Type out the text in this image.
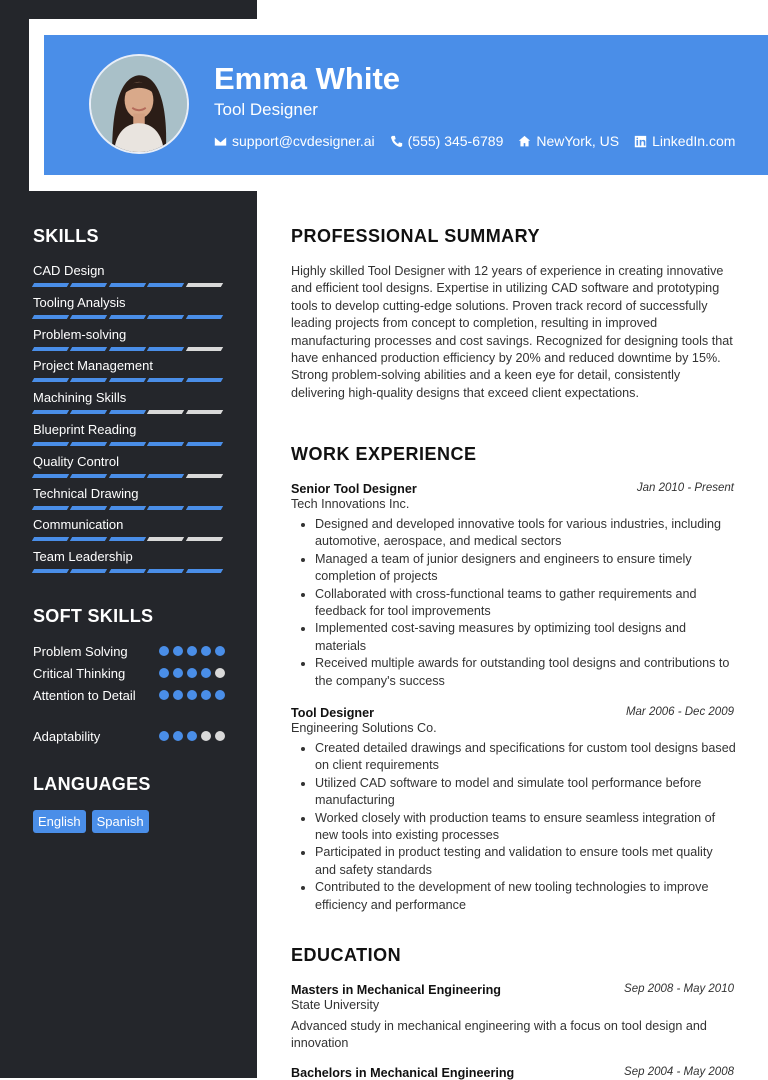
Emma White
Tool Designer
support@cvdesigner.ai (555) 345-6789 NewYork, US LinkedIn.com
SKILLS
CAD Design
Tooling Analysis
Problem-solving
Project Management
Machining Skills
Blueprint Reading
Quality Control
Technical Drawing
Communication
Team Leadership
SOFT SKILLS
Problem Solving
Critical Thinking
Attention to Detail
Adaptability
LANGUAGES
English	Spanish
PROFESSIONAL SUMMARY
Highly skilled Tool Designer with 12 years of experience in creating innovative and efficient tool designs. Expertise in utilizing CAD software and prototyping tools to develop cutting-edge solutions. Proven track record of successfully leading projects from concept to completion, resulting in improved manufacturing processes and cost savings. Recognized for designing tools that have enhanced production efficiency by 20% and reduced downtime by 15%. Strong problem-solving abilities and a keen eye for detail, consistently delivering high-quality designs that exceed client expectations.
WORK EXPERIENCE
Senior Tool Designer	Jan 2010 - Present
Tech Innovations Inc.
• Designed and developed innovative tools for various industries, including automotive, aerospace, and medical sectors
• Managed a team of junior designers and engineers to ensure timely completion of projects
• Collaborated with cross-functional teams to gather requirements and feedback for tool improvements
• Implemented cost-saving measures by optimizing tool designs and materials
• Received multiple awards for outstanding tool designs and contributions to the company's success
Tool Designer	Mar 2006 - Dec 2009
Engineering Solutions Co.
• Created detailed drawings and specifications for custom tool designs based on client requirements
• Utilized CAD software to model and simulate tool performance before manufacturing
• Worked closely with production teams to ensure seamless integration of new tools into existing processes
• Participated in product testing and validation to ensure tools met quality and safety standards
• Contributed to the development of new tooling technologies to improve efficiency and performance
EDUCATION
Masters in Mechanical Engineering	Sep 2008 - May 2010
State University
Advanced study in mechanical engineering with a focus on tool design and innovation
Bachelors in Mechanical Engineering	Sep 2004 - May 2008
